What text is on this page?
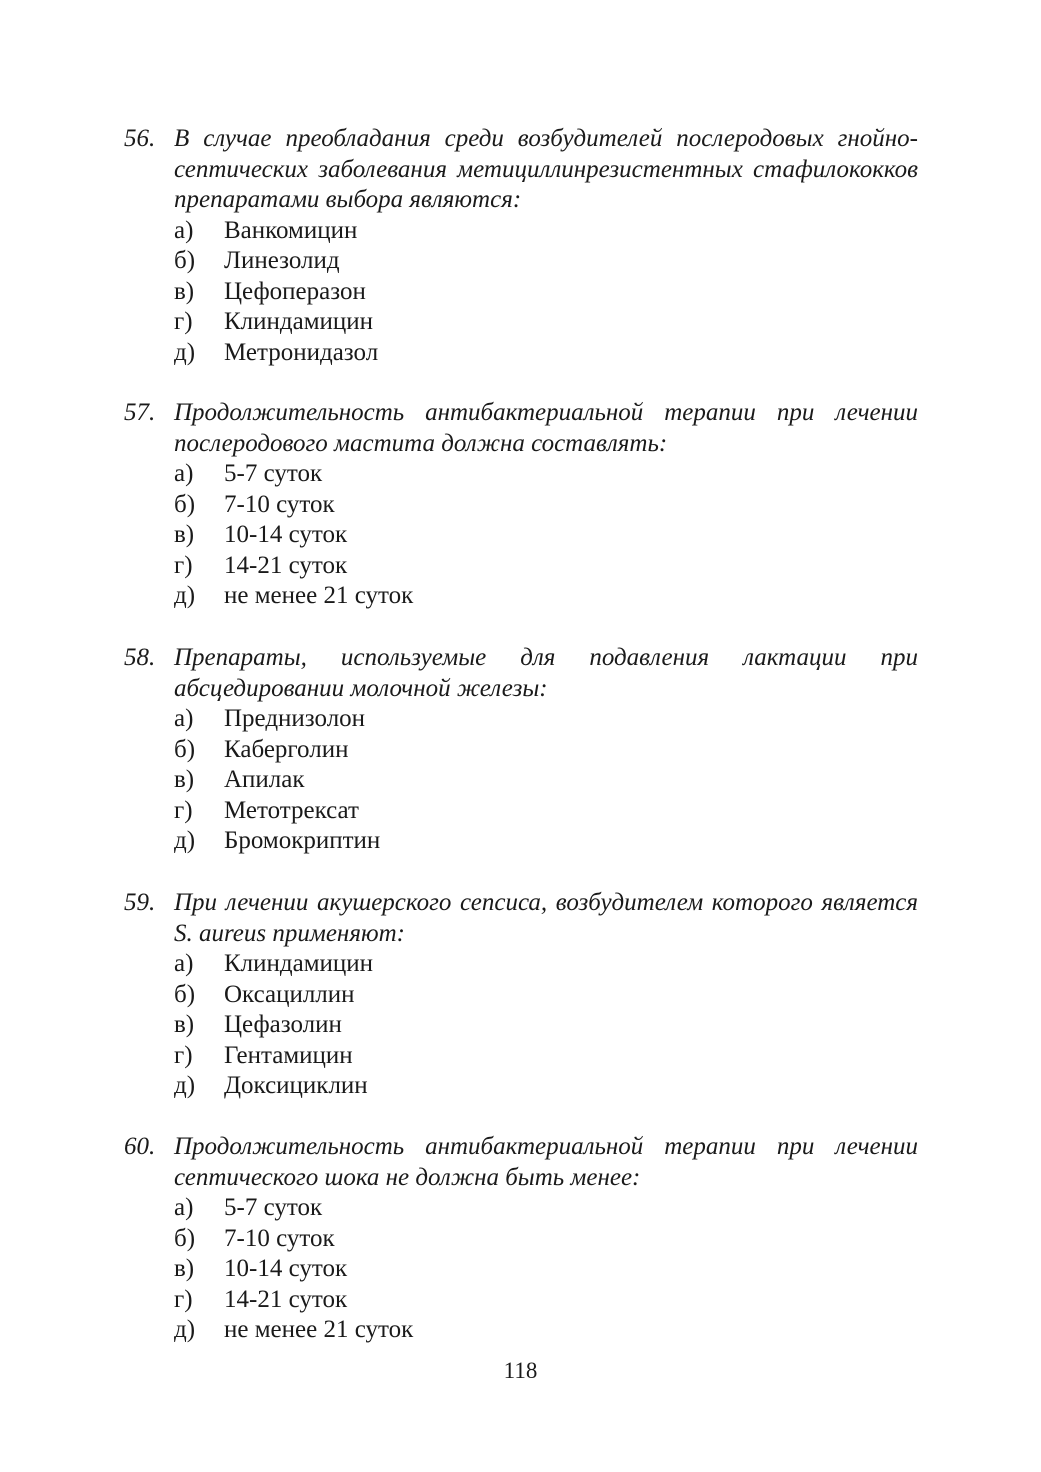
56. В случае преобладания среди возбудителей послеродовых гнойно-септических заболевания метициллинрезистентных стафилококков препаратами выбора являются:
а)	Ванкомицин
б)	Линезолид
в)	Цефоперазон
г)	Клиндамицин
д)	Метронидазол
57. Продолжительность антибактериальной терапии при лечении послеродового мастита должна составлять:
а)	5-7 суток
б)	7-10 суток
в)	10-14 суток
г)	14-21 суток
д)	не менее 21 суток
58. Препараты, используемые для подавления лактации при абсцедировании молочной железы:
а)	Преднизолон
б)	Каберголин
в)	Апилак
г)	Метотрексат
д)	Бромокриптин
59. При лечении акушерского сепсиса, возбудителем которого является S. aureus применяют:
а)	Клиндамицин
б)	Оксациллин
в)	Цефазолин
г)	Гентамицин
д)	Доксициклин
60. Продолжительность антибактериальной терапии при лечении септического шока не должна быть менее:
а)	5-7 суток
б)	7-10 суток
в)	10-14 суток
г)	14-21 суток
д)	не менее 21 суток
118
